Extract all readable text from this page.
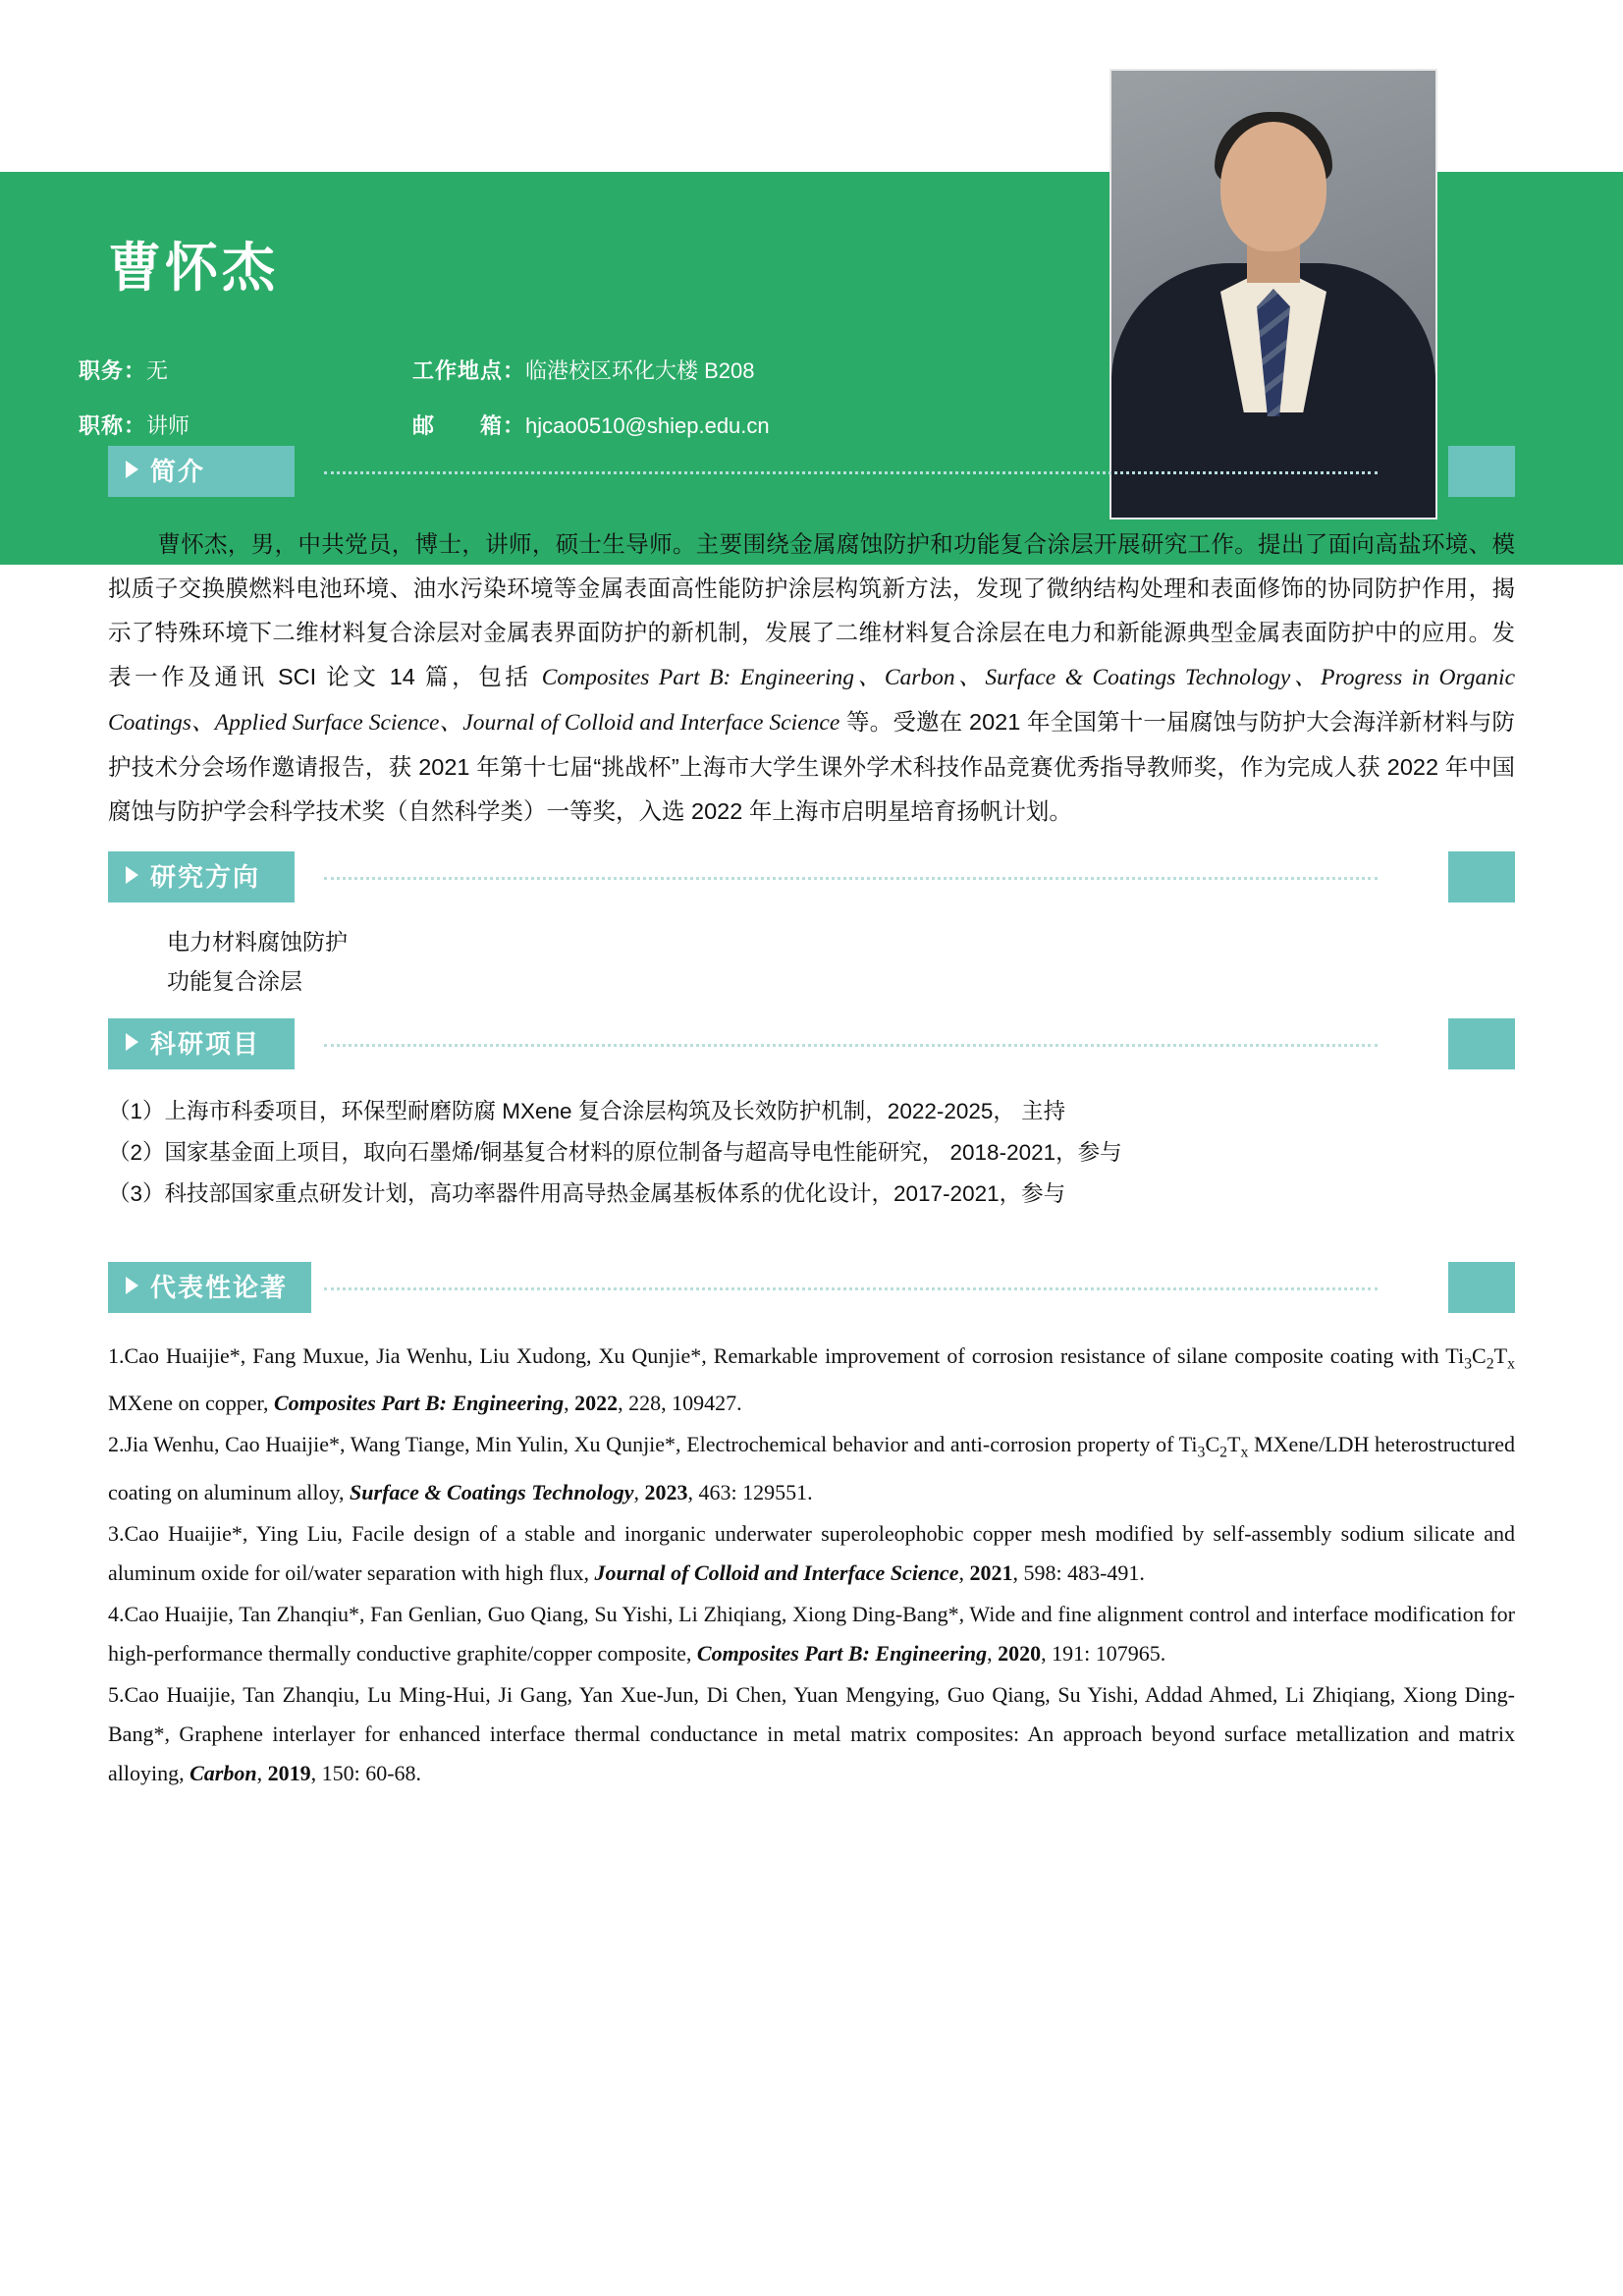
曹怀杰
职务：无
职称：讲师
工作地点：临港校区环化大楼 B208
邮　　箱：hjcao0510@shiep.edu.cn
简介
曹怀杰，男，中共党员，博士，讲师，硕士生导师。主要围绕金属腐蚀防护和功能复合涂层开展研究工作。提出了面向高盐环境、模拟质子交换膜燃料电池环境、油水污染环境等金属表面高性能防护涂层构筑新方法，发现了微纳结构处理和表面修饰的协同防护作用，揭示了特殊环境下二维材料复合涂层对金属表界面防护的新机制，发展了二维材料复合涂层在电力和新能源典型金属表面防护中的应用。发表一作及通讯 SCI 论文 14 篇，包括 Composites Part B: Engineering、Carbon、Surface & Coatings Technology、Progress in Organic Coatings、Applied Surface Science、Journal of Colloid and Interface Science 等。受邀在 2021 年全国第十一届腐蚀与防护大会海洋新材料与防护技术分会场作邀请报告，获 2021 年第十七届“挑战杯”上海市大学生课外学术科技作品竞赛优秀指导教师奖，作为完成人获 2022 年中国腐蚀与防护学会科学技术奖（自然科学类）一等奖，入选 2022 年上海市启明星培育扬帆计划。
研究方向
电力材料腐蚀防护
功能复合涂层
科研项目
（1）上海市科委项目，环保型耐磨防腐 MXene 复合涂层构筑及长效防护机制，2022-2025， 主持
（2）国家基金面上项目，取向石墨烯/铜基复合材料的原位制备与超高导电性能研究， 2018-2021，参与
（3）科技部国家重点研发计划，高功率器件用高导热金属基板体系的优化设计，2017-2021，参与
代表性论著
1.Cao Huaijie*, Fang Muxue, Jia Wenhu, Liu Xudong, Xu Qunjie*, Remarkable improvement of corrosion resistance of silane composite coating with $Ti_3C_2T_x$ MXene on copper, Composites Part B: Engineering, 2022, 228, 109427.
2.Jia Wenhu, Cao Huaijie*, Wang Tiange, Min Yulin, Xu Qunjie*, Electrochemical behavior and anti-corrosion property of $Ti_3C_2T_x$ MXene/LDH heterostructured coating on aluminum alloy, Surface & Coatings Technology, 2023, 463: 129551.
3.Cao Huaijie*, Ying Liu, Facile design of a stable and inorganic underwater superoleophobic copper mesh modified by self-assembly sodium silicate and aluminum oxide for oil/water separation with high flux, Journal of Colloid and Interface Science, 2021, 598: 483-491.
4.Cao Huaijie, Tan Zhanqiu*, Fan Genlian, Guo Qiang, Su Yishi, Li Zhiqiang, Xiong Ding-Bang*, Wide and fine alignment control and interface modification for high-performance thermally conductive graphite/copper composite, Composites Part B: Engineering, 2020, 191: 107965.
5.Cao Huaijie, Tan Zhanqiu, Lu Ming-Hui, Ji Gang, Yan Xue-Jun, Di Chen, Yuan Mengying, Guo Qiang, Su Yishi, Addad Ahmed, Li Zhiqiang, Xiong Ding-Bang*, Graphene interlayer for enhanced interface thermal conductance in metal matrix composites: An approach beyond surface metallization and matrix alloying, Carbon, 2019, 150: 60-68.
